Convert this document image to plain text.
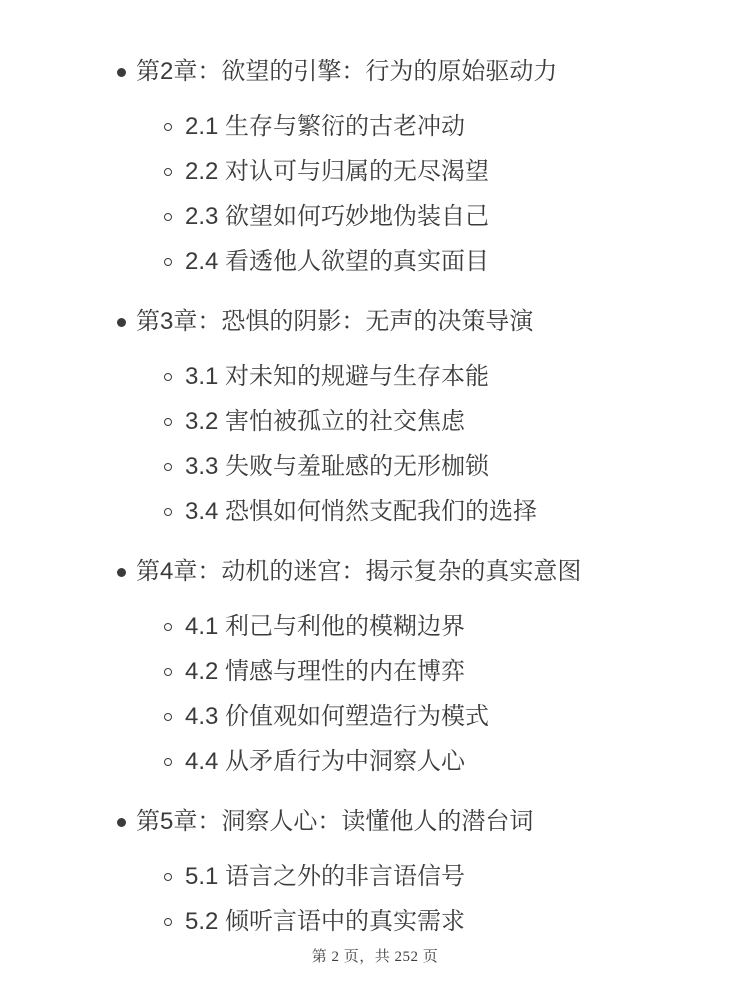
第2章：欲望的引擎：行为的原始驱动力
2.1 生存与繁衍的古老冲动
2.2 对认可与归属的无尽渴望
2.3 欲望如何巧妙地伪装自己
2.4 看透他人欲望的真实面目
第3章：恐惧的阴影：无声的决策导演
3.1 对未知的规避与生存本能
3.2 害怕被孤立的社交焦虑
3.3 失败与羞耻感的无形枷锁
3.4 恐惧如何悄然支配我们的选择
第4章：动机的迷宫：揭示复杂的真实意图
4.1 利己与利他的模糊边界
4.2 情感与理性的内在博弈
4.3 价值观如何塑造行为模式
4.4 从矛盾行为中洞察人心
第5章：洞察人心：读懂他人的潜台词
5.1 语言之外的非言语信号
5.2 倾听言语中的真实需求
第 2 页，共 252 页
